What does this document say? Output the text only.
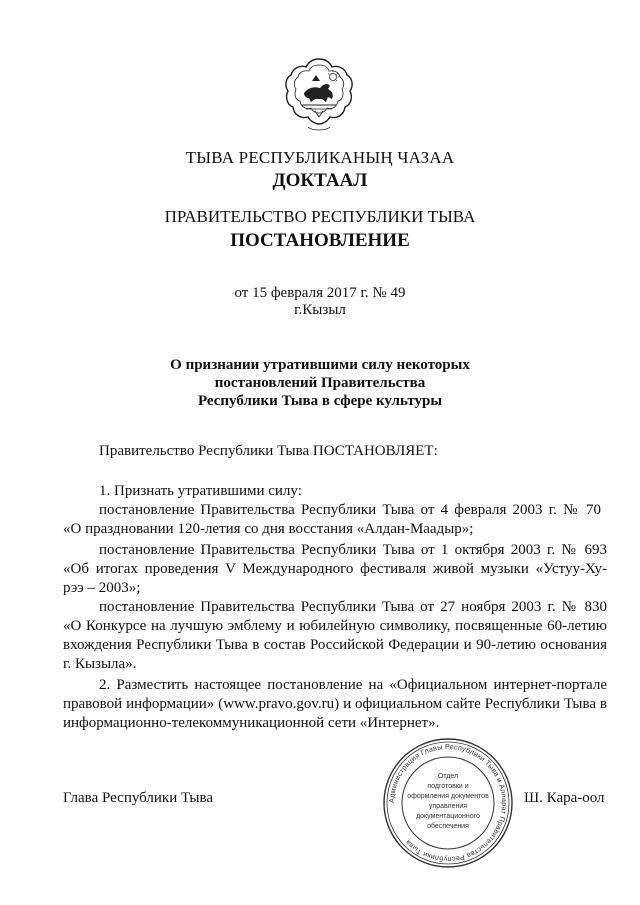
ТЫВА РЕСПУБЛИКАНЫҢ ЧАЗАА
ДОКТААЛ
ПРАВИТЕЛЬСТВО РЕСПУБЛИКИ ТЫВА
ПОСТАНОВЛЕНИЕ
от 15 февраля 2017 г. № 49
г.Кызыл
О признании утратившими силу некоторых
постановлений Правительства
Республики Тыва в сфере культуры
Правительство Республики Тыва ПОСТАНОВЛЯЕТ:
1. Признать утратившими силу:
постановление Правительства Республики Тыва от 4 февраля 2003 г. № 70
«О праздновании 120-летия со дня восстания «Алдан-Маадыр»;
постановление Правительства Республики Тыва от 1 октября 2003 г. № 693
«Об итогах проведения V Международного фестиваля живой музыки «Устуу-Ху-
рээ – 2003»;
постановление Правительства Республики Тыва от 27 ноября 2003 г. № 830
«О Конкурсе на лучшую эмблему и юбилейную символику, посвященные 60-летию
вхождения Республики Тыва в состав Российской Федерации и 90-летию основания
г. Кызыла».
2. Разместить настоящее постановление на «Официальном интернет-портале
правовой информации» (www.pravo.gov.ru) и официальном сайте Республики Тыва в
информационно-телекоммуникационной сети «Интернет».
Глава Республики Тыва	Ш. Кара-оол
Администрация Главы Республики Тыва и Аппарат Правительства Республики Тыва
Отдел
подготовки и
оформления документов
управления
документационного
обеспечения
